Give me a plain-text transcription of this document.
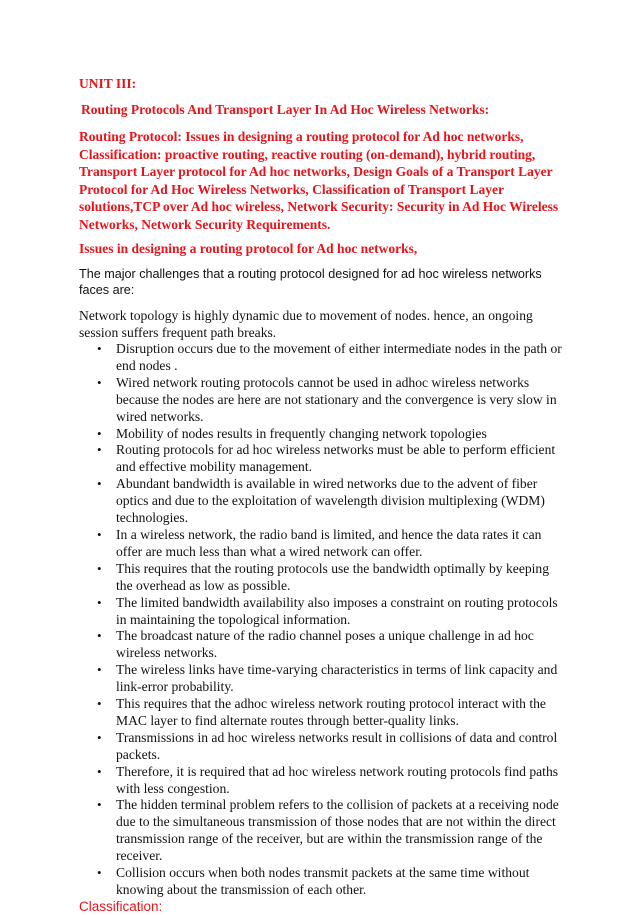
UNIT III:
Routing Protocols And Transport Layer In Ad Hoc Wireless Networks:
Routing Protocol: Issues in designing a routing protocol for Ad hoc networks, Classification: proactive routing, reactive routing (on-demand), hybrid routing, Transport Layer protocol for Ad hoc networks, Design Goals of a Transport Layer Protocol for Ad Hoc Wireless Networks, Classification of Transport Layer solutions,TCP over Ad hoc wireless, Network Security: Security in Ad Hoc Wireless Networks, Network Security Requirements.
Issues in designing a routing protocol for Ad hoc networks,
The major challenges that a routing protocol designed for ad hoc wireless networks faces are:
Network topology is highly dynamic due to movement of nodes. hence, an ongoing session suffers frequent path breaks.
• Disruption occurs due to the movement of either intermediate nodes in the path or end nodes .
• Wired network routing protocols cannot be used in adhoc wireless networks because the nodes are here are not stationary and the convergence is very slow in wired networks.
• Mobility of nodes results in frequently changing network topologies
• Routing protocols for ad hoc wireless networks must be able to perform efficient and effective mobility management.
• Abundant bandwidth is available in wired networks due to the advent of fiber optics and due to the exploitation of wavelength division multiplexing (WDM) technologies.
• In a wireless network, the radio band is limited, and hence the data rates it can offer are much less than what a wired network can offer.
• This requires that the routing protocols use the bandwidth optimally by keeping the overhead as low as possible.
• The limited bandwidth availability also imposes a constraint on routing protocols in maintaining the topological information.
• The broadcast nature of the radio channel poses a unique challenge in ad hoc wireless networks.
• The wireless links have time-varying characteristics in terms of link capacity and link-error probability.
• This requires that the adhoc wireless network routing protocol interact with the MAC layer to find alternate routes through better-quality links.
• Transmissions in ad hoc wireless networks result in collisions of data and control packets.
• Therefore, it is required that ad hoc wireless network routing protocols find paths with less congestion.
• The hidden terminal problem refers to the collision of packets at a receiving node due to the simultaneous transmission of those nodes that are not within the direct transmission range of the receiver, but are within the transmission range of the receiver.
• Collision occurs when both nodes transmit packets at the same time without knowing about the transmission of each other.
Classification:
